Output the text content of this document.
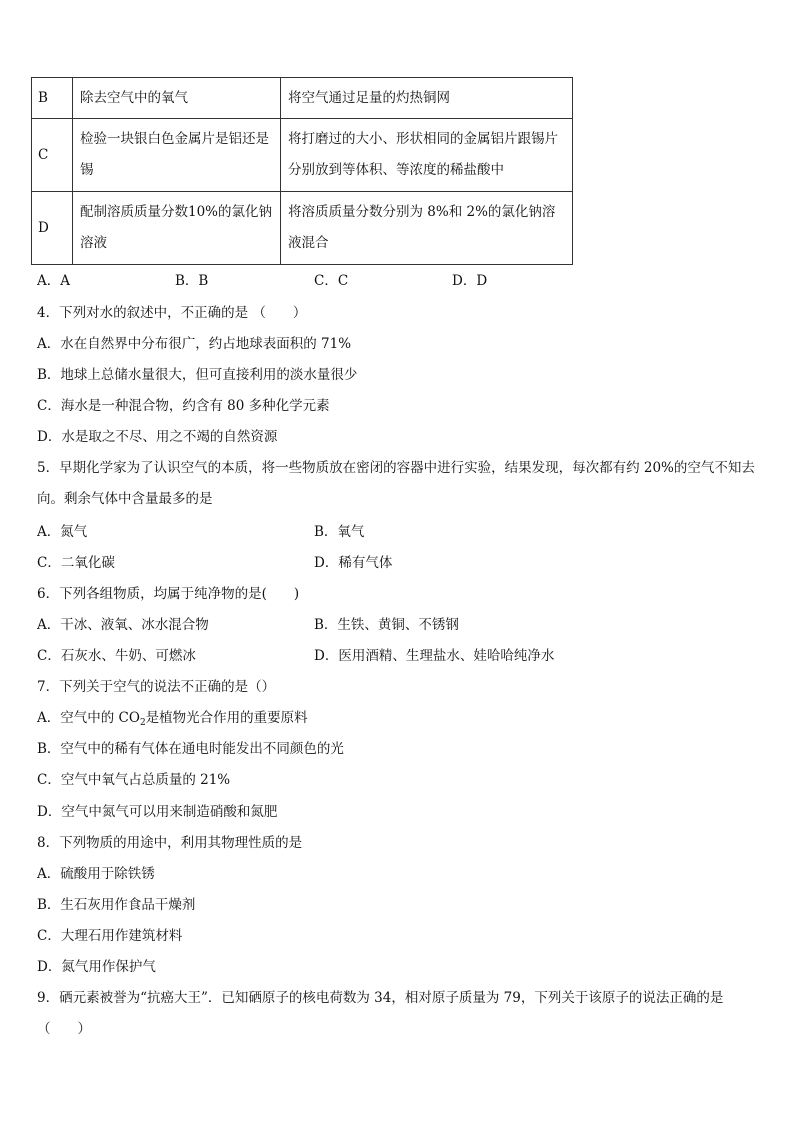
B	除去空气中的氧气	将空气通过足量的灼热铜网
C	检验一块银白色金属片是铝还是锡	将打磨过的大小、形状相同的金属铝片跟锡片分别放到等体积、等浓度的稀盐酸中
D	配制溶质质量分数10%的氯化钠溶液	将溶质质量分数分别为 8%和 2%的氯化钠溶液混合
A．A	B．B	C．C	D．D
4．下列对水的叙述中，不正确的是 （　　）
A．水在自然界中分布很广，约占地球表面积的 71%
B．地球上总储水量很大，但可直接利用的淡水量很少
C．海水是一种混合物，约含有 80 多种化学元素
D．水是取之不尽、用之不竭的自然资源
5．早期化学家为了认识空气的本质，将一些物质放在密闭的容器中进行实验，结果发现，每次都有约 20%的空气不知去向。剩余气体中含量最多的是
A．氮气	B．氧气
C．二氧化碳	D．稀有气体
6．下列各组物质，均属于纯净物的是(　　)
A．干冰、液氧、冰水混合物	B．生铁、黄铜、不锈钢
C．石灰水、牛奶、可燃冰	D．医用酒精、生理盐水、娃哈哈纯净水
7．下列关于空气的说法不正确的是（）
A．空气中的 $CO_2$是植物光合作用的重要原料
B．空气中的稀有气体在通电时能发出不同颜色的光
C．空气中氧气占总质量的 21%
D．空气中氮气可以用来制造硝酸和氮肥
8．下列物质的用途中，利用其物理性质的是
A．硫酸用于除铁锈
B．生石灰用作食品干燥剂
C．大理石用作建筑材料
D．氮气用作保护气
9．硒元素被誉为“抗癌大王”．已知硒原子的核电荷数为 34，相对原子质量为 79，下列关于该原子的说法正确的是（　　）
